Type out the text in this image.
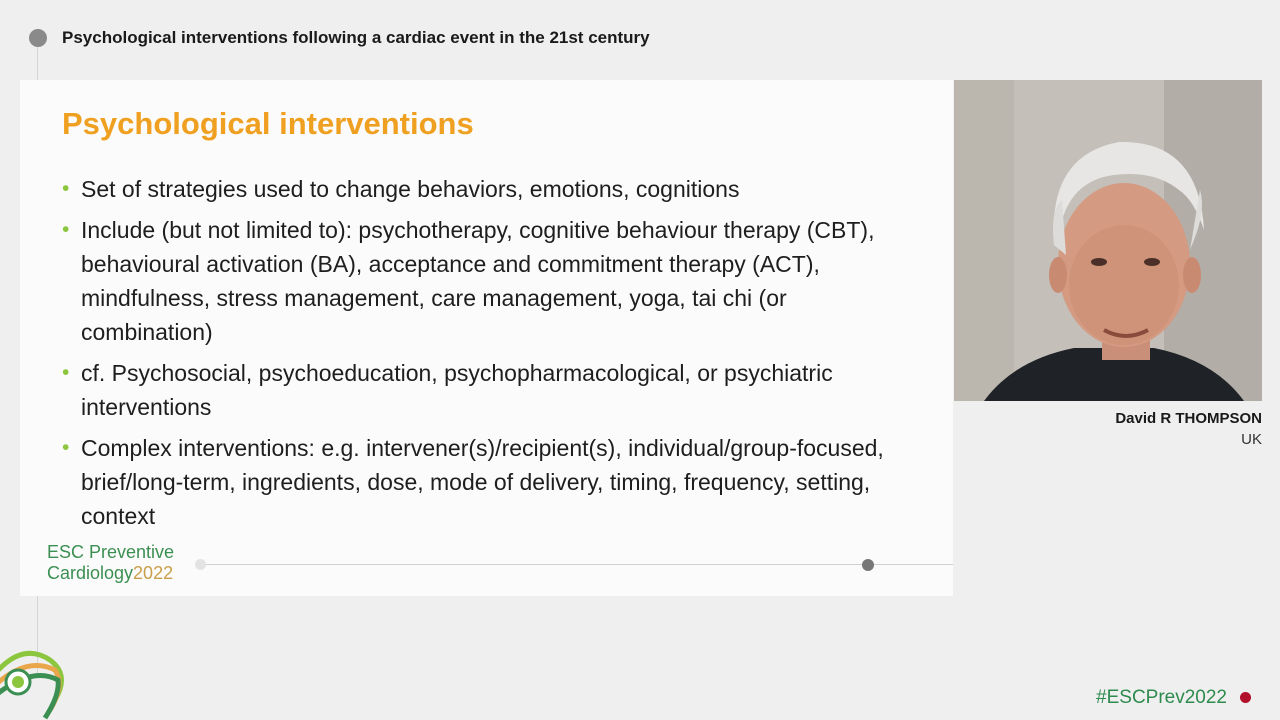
Psychological interventions following a cardiac event in the 21st century
Psychological interventions
• Set of strategies used to change behaviors, emotions, cognitions
• Include (but not limited to): psychotherapy, cognitive behaviour therapy (CBT), behavioural activation (BA), acceptance and commitment therapy (ACT), mindfulness, stress management, care management, yoga, tai chi (or combination)
• cf. Psychosocial, psychoeducation, psychopharmacological, or psychiatric interventions
• Complex interventions: e.g. intervener(s)/recipient(s), individual/group-focused, brief/long-term, ingredients, dose, mode of delivery, timing, frequency, setting, context
ESC Preventive
Cardiology2022
David R THOMPSON
UK
#ESCPrev2022
